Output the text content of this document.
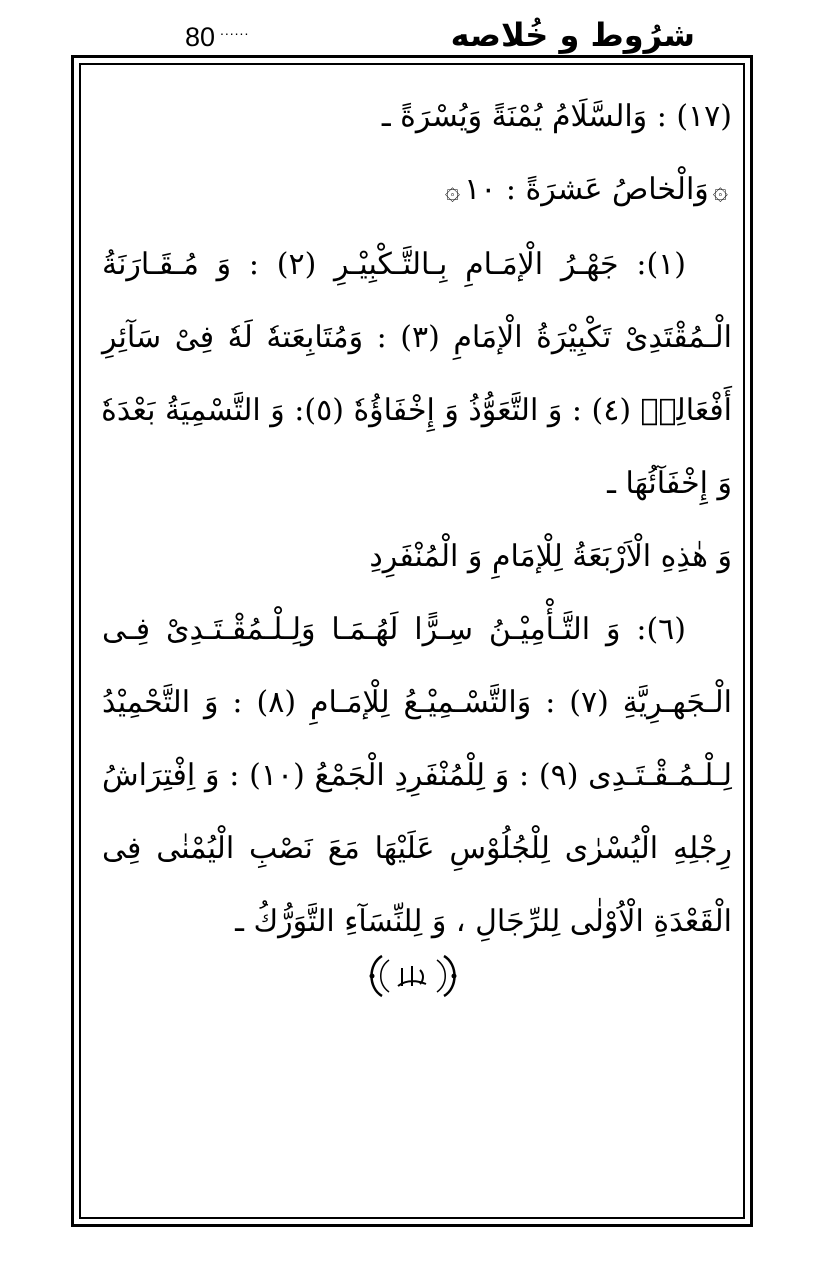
80 ......	شرُوط و خُلاصه

(١٧) : وَالسَّلَامُ يُمْنَةً وَيُسْرَةً ـ

۞وَالْخاصُ عَشرَةً : ١٠۞

(١): جَهْـرُ الْإمَـامِ بِـالتَّـكْبِيْـرِ (٢) : وَ مُـقَـارَنَةُ
الْـمُقْتَدِیْ تَكْبِيْرَةُ الْإمَامِ (٣) : وَمُتَابِعَتهٗ لَهٗ فِیْ سَآئِرِ
أَفْعَالِهٖ (٤) : وَ التَّعَوُّذُ وَ إِخْفَاؤُهٗ (٥): وَ التَّسْمِيَةُ بَعْدَهٗ
وَ إِخْفَآئُهَا ـ

وَ هٰذِهِ الْاَرْبَعَةُ لِلْإمَامِ وَ الْمُنْفَرِدِ

(٦): وَ التَّـأْمِيْـنُ سِـرًّا لَهُـمَـا وَلِـلْـمُقْـتَـدِیْ فِـی
الْـجَهـرِيَّةِ (٧) : وَالتَّسْـمِيْـعُ لِلْإمَـامِ (٨) : وَ التَّحْمِيْدُ
لِـلْـمُـقْـتَـدِی (٩) : وَ لِلْمُنْفَرِدِ الْجَمْعُ (١٠) : وَ اِفْتِرَاشُ
رِجْلِهِ الْيُسْرٰی لِلْجُلُوْسِ عَلَيْهَا مَعَ نَصْبِ الْيُمْنٰی فِی
الْقَعْدَةِ الْاُوْلٰی لِلرِّجَالِ ، وَ لِلنِّسَآءِ التَّوَرُّكُ ـ
